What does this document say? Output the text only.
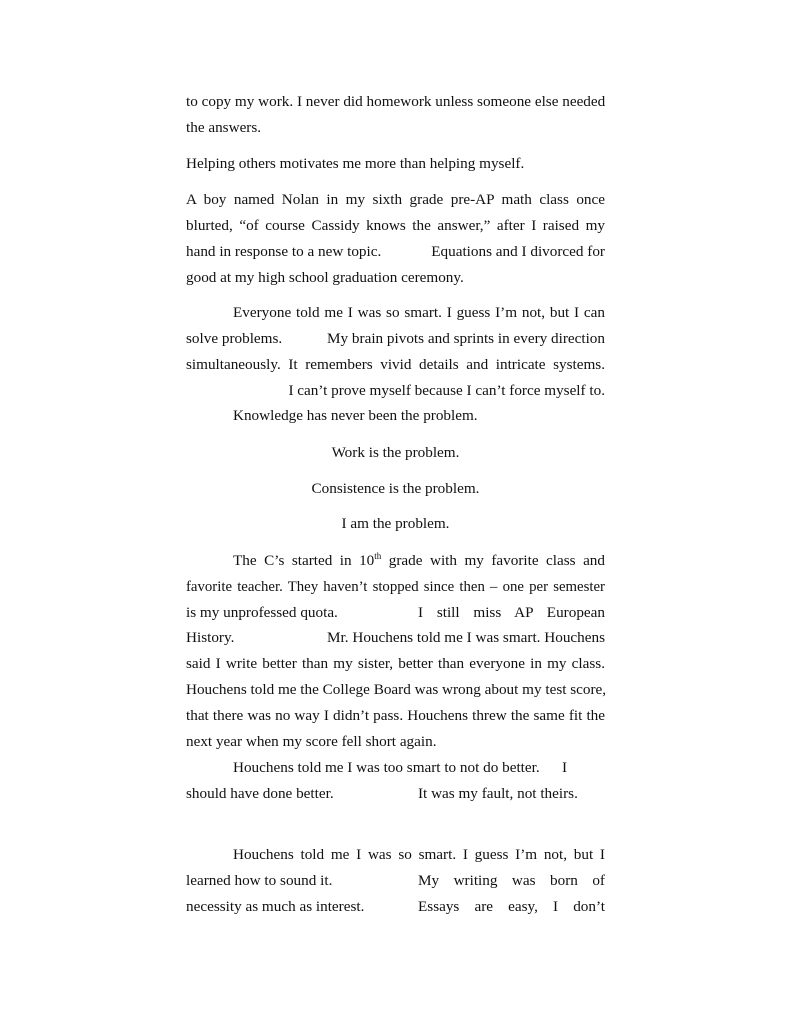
to copy my work. I never did homework unless someone else needed
the answers.
Helping others motivates me more than helping myself.
A boy named Nolan in my sixth grade pre-AP math class once
blurted, “of course Cassidy knows the answer,” after I raised my
hand in response to a new topic.	Equations and I divorced for
good at my high school graduation ceremony.
Everyone told me I was so smart. I guess I’m not, but I can
solve problems.	My brain pivots and sprints in every direction
simultaneously. It remembers vivid details and intricate systems.
I can’t prove myself because I can’t force myself to.
Knowledge has never been the problem.
Work is the problem.
Consistence is the problem.
I am the problem.
The C’s started in 10th grade with my favorite class and
favorite teacher. They haven’t stopped since then – one per semester
is my unprofessed quota.	I still miss AP European
History.	Mr. Houchens told me I was smart. Houchens
said I write better than my sister, better than everyone in my class.
Houchens told me the College Board was wrong about my test score,
that there was no way I didn’t pass. Houchens threw the same fit the
next year when my score fell short again.
Houchens told me I was too smart to not do better. I
should have done better.	It was my fault, not theirs.
Houchens told me I was so smart. I guess I’m not, but I
learned how to sound it.	My writing was born of
necessity as much as interest.	Essays are easy, I don’t
